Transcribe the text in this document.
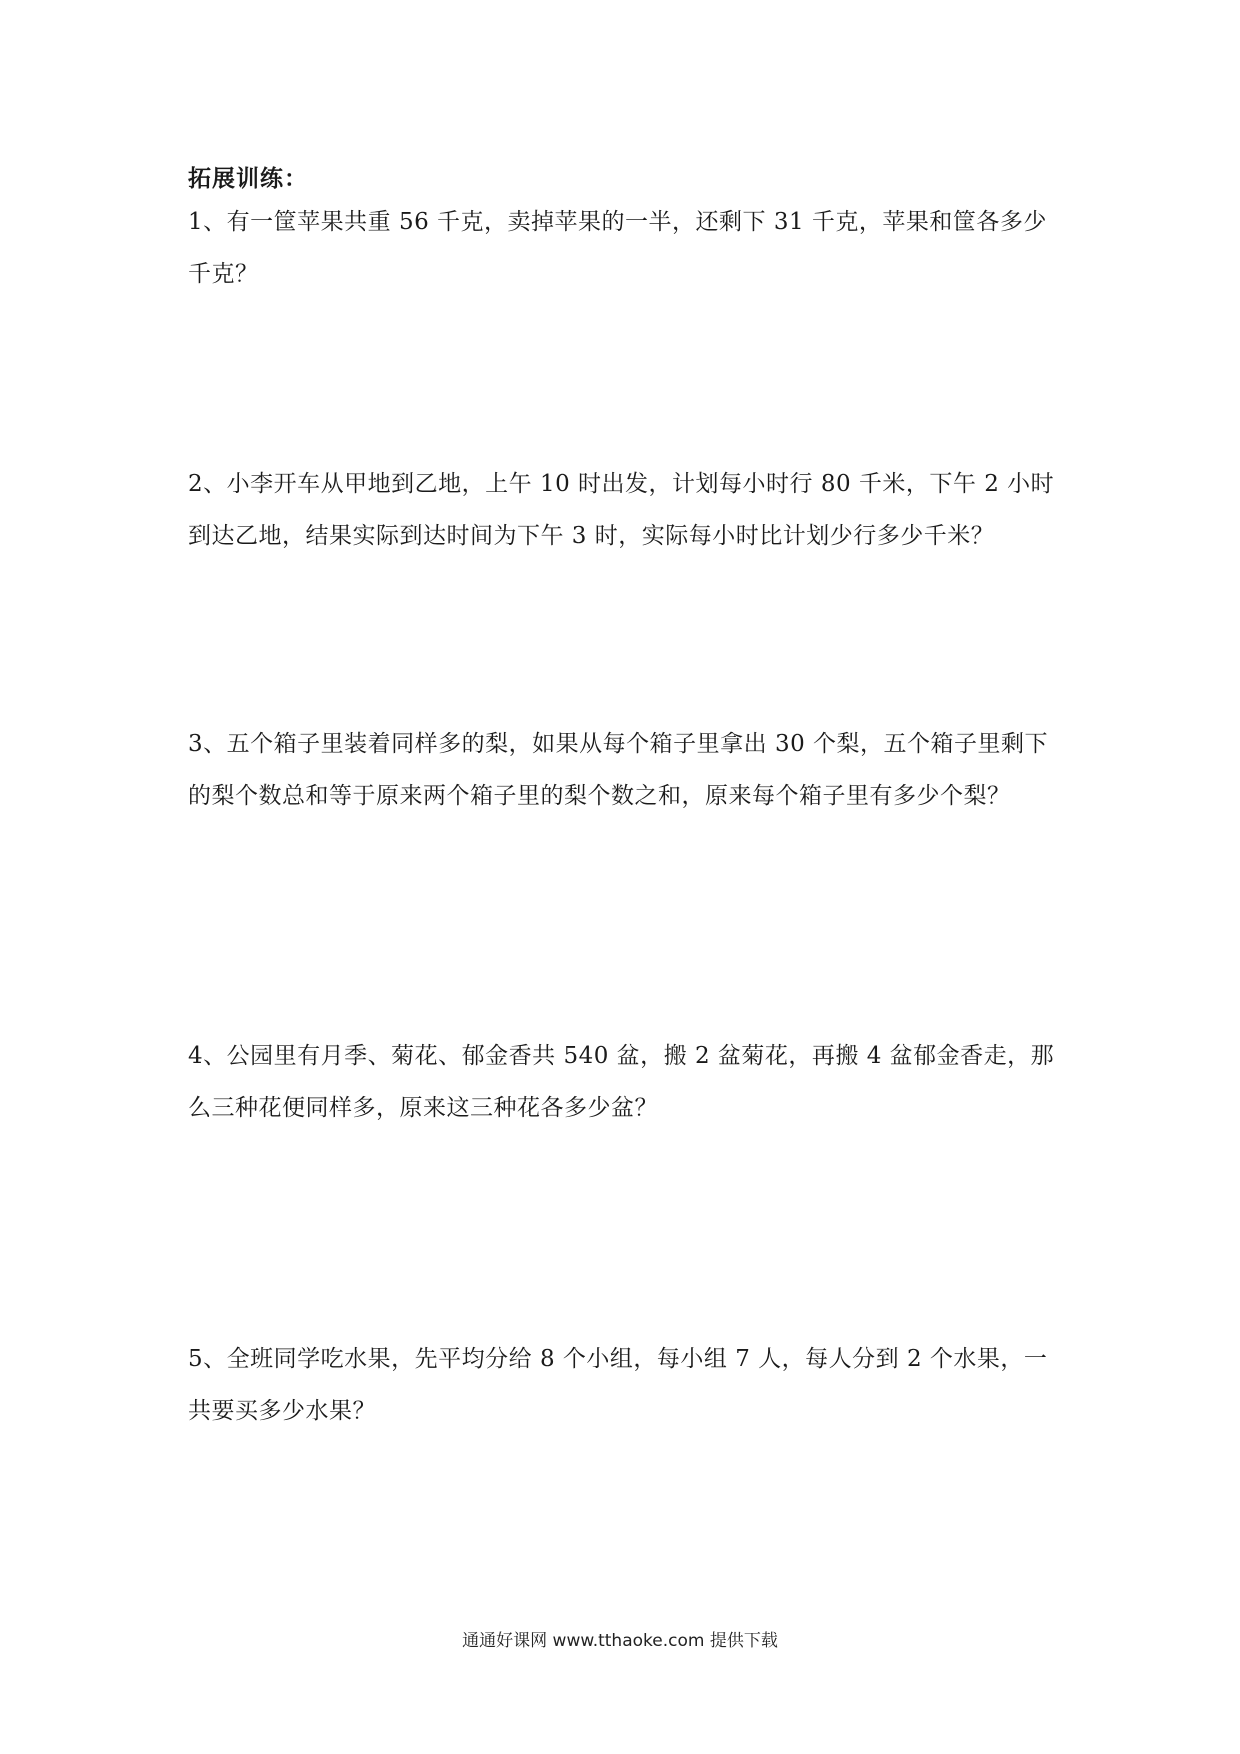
拓展训练：
1、有一筐苹果共重 56 千克，卖掉苹果的一半，还剩下 31 千克，苹果和筐各多少千克？
2、小李开车从甲地到乙地，上午 10 时出发，计划每小时行 80 千米，下午 2 小时到达乙地，结果实际到达时间为下午 3 时，实际每小时比计划少行多少千米？
3、五个箱子里装着同样多的梨，如果从每个箱子里拿出 30 个梨，五个箱子里剩下的梨个数总和等于原来两个箱子里的梨个数之和，原来每个箱子里有多少个梨？
4、公园里有月季、菊花、郁金香共 540 盆，搬 2 盆菊花，再搬 4 盆郁金香走，那么三种花便同样多，原来这三种花各多少盆？
5、全班同学吃水果，先平均分给 8 个小组，每小组 7 人，每人分到 2 个水果，一共要买多少水果？
通通好课网 www.tthaoke.com 提供下载
